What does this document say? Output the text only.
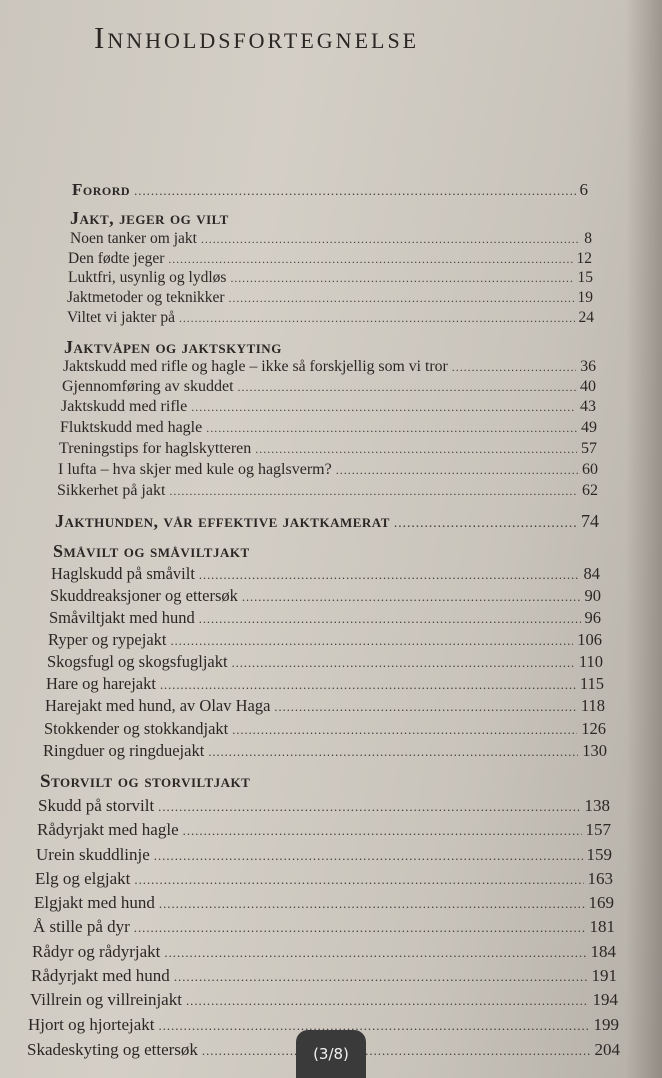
Innholdsfortegnelse
Forord .....	6
Jakt, jeger og vilt
Noen tanker om jakt .....	8
Den fødte jeger .....	12
Luktfri, usynlig og lydløs .....	15
Jaktmetoder og teknikker .....	19
Viltet vi jakter på .....	24
Jaktvåpen og jaktskyting
Jaktskudd med rifle og hagle – ikke så forskjellig som vi tror .....	36
Gjennomføring av skuddet .....	40
Jaktskudd med rifle .....	43
Fluktskudd med hagle .....	49
Treningstips for haglskytteren .....	57
I lufta – hva skjer med kule og haglsverm? .....	60
Sikkerhet på jakt .....	62
Jakthunden, vår effektive jaktkamerat .....	74
Småvilt og småviltjakt
Haglskudd på småvilt .....	84
Skuddreaksjoner og ettersøk .....	90
Småviltjakt med hund .....	96
Ryper og rypejakt .....	106
Skogsfugl og skogsfugljakt .....	110
Hare og harejakt .....	115
Harejakt med hund, av Olav Haga .....	118
Stokkender og stokkandjakt .....	126
Ringduer og ringduejakt .....	130
Storvilt og storviltjakt
Skudd på storvilt .....	138
Rådyrjakt med hagle .....	157
Urein skuddlinje .....	159
Elg og elgjakt .....	163
Elgjakt med hund .....	169
Å stille på dyr .....	181
Rådyr og rådyrjakt .....	184
Rådyrjakt med hund .....	191
Villrein og villreinjakt .....	194
Hjort og hjortejakt .....	199
Skadeskyting og ettersøk .....	204
(3/8)
